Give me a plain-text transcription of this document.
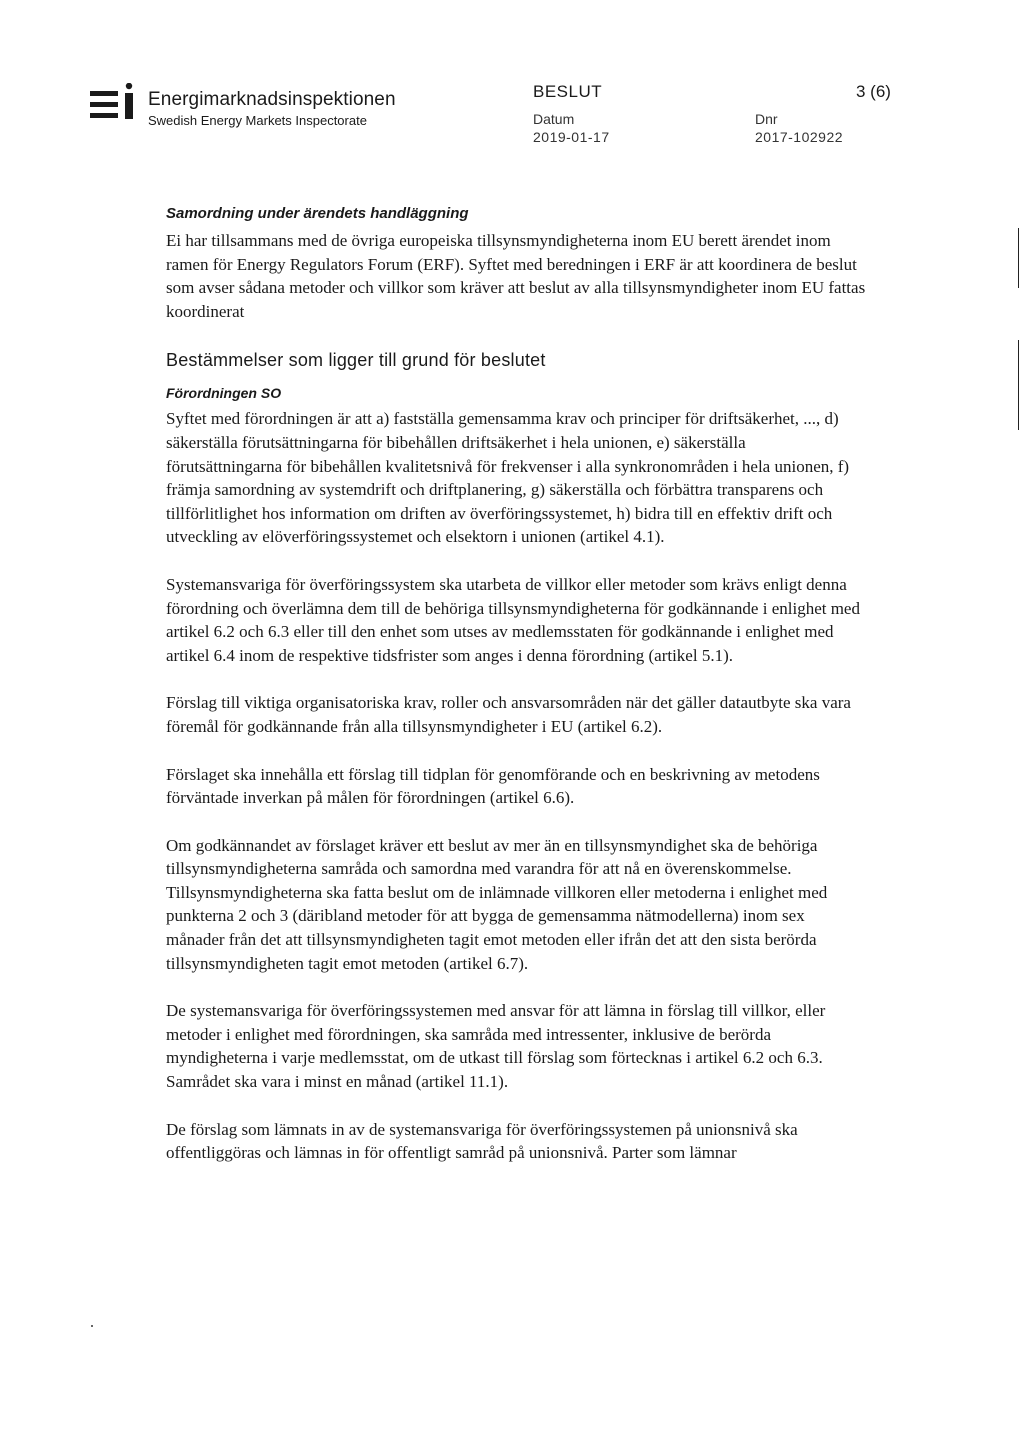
Energimarknadsinspektionen
Swedish Energy Markets Inspectorate
BESLUT	3 (6)
Datum
2019-01-17
Dnr
2017-102922
Samordning under ärendets handläggning

Ei har tillsammans med de övriga europeiska tillsynsmyndigheterna inom EU berett ärendet inom ramen för Energy Regulators Forum (ERF). Syftet med beredningen i ERF är att koordinera de beslut som avser sådana metoder och villkor som kräver att beslut av alla tillsynsmyndigheter inom EU fattas koordinerat

Bestämmelser som ligger till grund för beslutet
Förordningen SO

Syftet med förordningen är att a) fastställa gemensamma krav och principer för driftsäkerhet, ..., d) säkerställa förutsättningarna för bibehållen driftsäkerhet i hela unionen, e) säkerställa förutsättningarna för bibehållen kvalitetsnivå för frekvenser i alla synkronområden i hela unionen, f) främja samordning av systemdrift och driftplanering, g) säkerställa och förbättra transparens och tillförlitlighet hos information om driften av överföringssystemet, h) bidra till en effektiv drift och utveckling av elöverföringssystemet och elsektorn i unionen (artikel 4.1).

Systemansvariga för överföringssystem ska utarbeta de villkor eller metoder som krävs enligt denna förordning och överlämna dem till de behöriga tillsynsmyndigheterna för godkännande i enlighet med artikel 6.2 och 6.3 eller till den enhet som utses av medlemsstaten för godkännande i enlighet med artikel 6.4 inom de respektive tidsfrister som anges i denna förordning (artikel 5.1).

Förslag till viktiga organisatoriska krav, roller och ansvarsområden när det gäller datautbyte ska vara föremål för godkännande från alla tillsynsmyndigheter i EU (artikel 6.2).

Förslaget ska innehålla ett förslag till tidplan för genomförande och en beskrivning av metodens förväntade inverkan på målen för förordningen (artikel 6.6).

Om godkännandet av förslaget kräver ett beslut av mer än en tillsynsmyndighet ska de behöriga tillsynsmyndigheterna samråda och samordna med varandra för att nå en överenskommelse. Tillsynsmyndigheterna ska fatta beslut om de inlämnade villkoren eller metoderna i enlighet med punkterna 2 och 3 (däribland metoder för att bygga de gemensamma nätmodellerna) inom sex månader från det att tillsynsmyndigheten tagit emot metoden eller ifrån det att den sista berörda tillsynsmyndigheten tagit emot metoden (artikel 6.7).

De systemansvariga för överföringssystemen med ansvar för att lämna in förslag till villkor, eller metoder i enlighet med förordningen, ska samråda med intressenter, inklusive de berörda myndigheterna i varje medlemsstat, om de utkast till förslag som förtecknas i artikel 6.2 och 6.3. Samrådet ska vara i minst en månad (artikel 11.1).

De förslag som lämnats in av de systemansvariga för överföringssystemen på unionsnivå ska offentliggöras och lämnas in för offentligt samråd på unionsnivå. Parter som lämnar
